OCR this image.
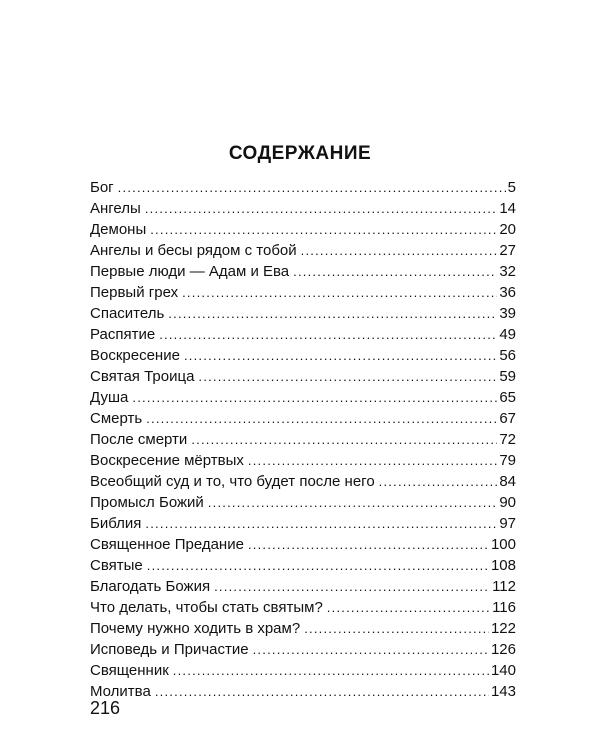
СОДЕРЖАНИЕ
Бог . . .	5
Ангелы . . .	14
Демоны . . .	20
Ангелы и бесы рядом с тобой . . .	27
Первые люди — Адам и Ева . . .	32
Первый грех . . .	36
Спаситель . . .	39
Распятие . . .	49
Воскресение . . .	56
Святая Троица . . .	59
Душа . . .	65
Смерть . . .	67
После смерти . . .	72
Воскресение мёртвых . . .	79
Всеобщий суд и то, что будет после него . . .	84
Промысл Божий . . .	90
Библия . . .	97
Священное Предание . . .	100
Святые . . .	108
Благодать Божия . . .	112
Что делать, чтобы стать святым? . . .	116
Почему нужно ходить в храм? . . .	122
Исповедь и Причастие . . .	126
Священник . . .	140
Молитва . . .	143
216
